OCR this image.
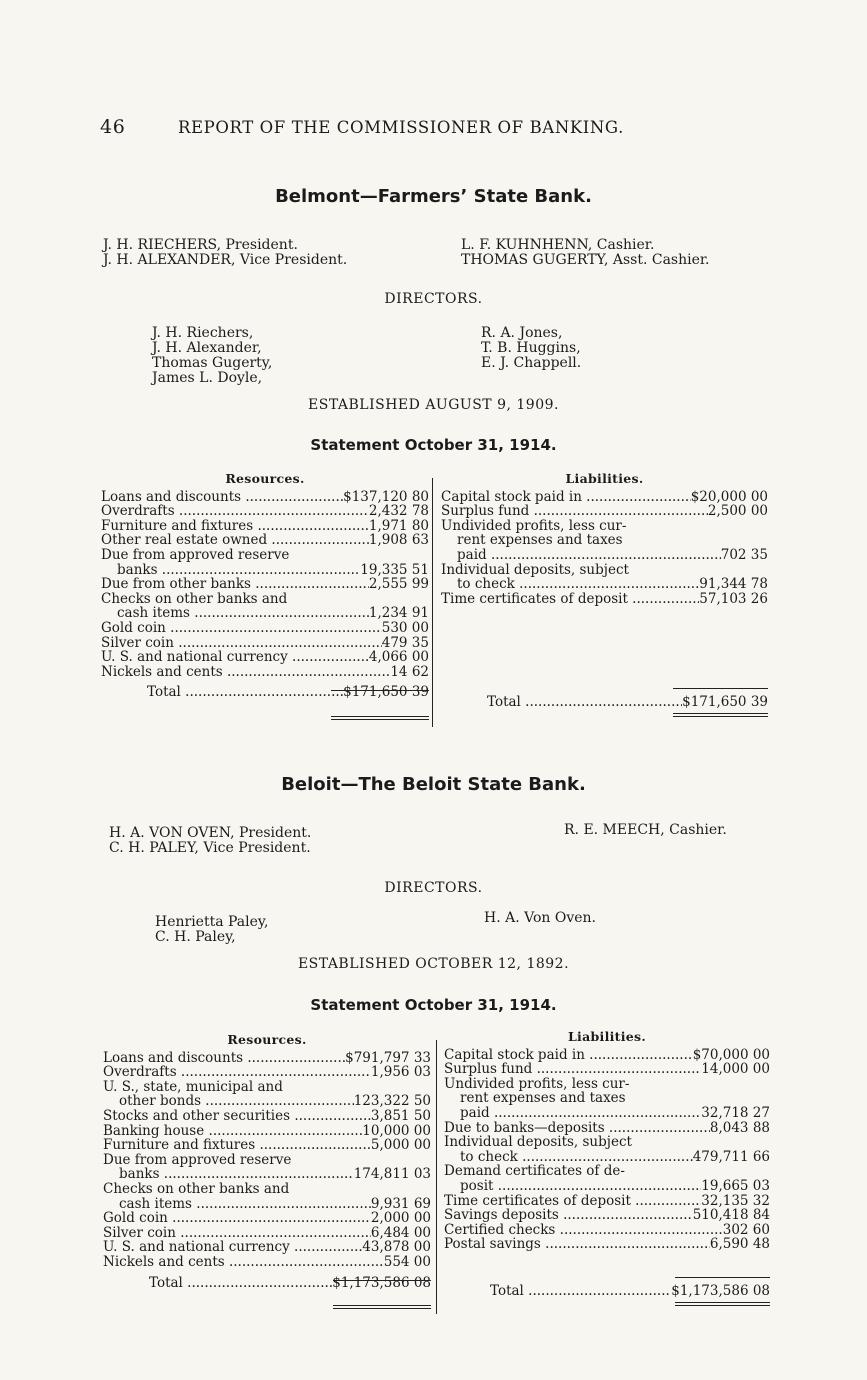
46	REPORT OF THE COMMISSIONER OF BANKING.
Belmont—Farmers’ State Bank.
J. H. RIECHERS, President.
J. H. ALEXANDER, Vice President.
L. F. KUHNHENN, Cashier.
THOMAS GUGERTY, Asst. Cashier.
DIRECTORS.
J. H. Riechers,
J. H. Alexander,
Thomas Gugerty,
James L. Doyle,
R. A. Jones,
T. B. Huggins,
E. J. Chappell.
ESTABLISHED AUGUST 9, 1909.
Statement October 31, 1914.
Resources.
Loans and discounts .....	$137,120 80
Overdrafts .....	2,432 78
Furniture and fixtures .....	1,971 80
Other real estate owned .....	1,908 63
Due from approved reserve
banks .....	19,335 51
Due from other banks .....	2,555 99
Checks on other banks and
cash items .....	1,234 91
Gold coin .....	530 00
Silver coin .....	479 35
U. S. and national currency .....	4,066 00
Nickels and cents .....	14 62
Total .....	$171,650 39
Liabilities.
Capital stock paid in .....	$20,000 00
Surplus fund .....	2,500 00
Undivided profits, less cur-
rent expenses and taxes
paid .....	702 35
Individual deposits, subject
to check .....	91,344 78
Time certificates of deposit .....	57,103 26
Total .....	$171,650 39
Beloit—The Beloit State Bank.
H. A. VON OVEN, President.
C. H. PALEY, Vice President.
R. E. MEECH, Cashier.
DIRECTORS.
Henrietta Paley,
C. H. Paley,
H. A. Von Oven.
ESTABLISHED OCTOBER 12, 1892.
Statement October 31, 1914.
Resources.
Loans and discounts .....	$791,797 33
Overdrafts .....	1,956 03
U. S., state, municipal and
other bonds .....	123,322 50
Stocks and other securities .....	3,851 50
Banking house .....	10,000 00
Furniture and fixtures .....	5,000 00
Due from approved reserve
banks .....	174,811 03
Checks on other banks and
cash items .....	9,931 69
Gold coin .....	2,000 00
Silver coin .....	6,484 00
U. S. and national currency .....	43,878 00
Nickels and cents .....	554 00
Total .....	$1,173,586 08
Liabilities.
Capital stock paid in .....	$70,000 00
Surplus fund .....	14,000 00
Undivided profits, less cur-
rent expenses and taxes
paid .....	32,718 27
Due to banks—deposits .....	8,043 88
Individual deposits, subject
to check .....	479,711 66
Demand certificates of de-
posit .....	19,665 03
Time certificates of deposit .....	32,135 32
Savings deposits .....	510,418 84
Certified checks .....	302 60
Postal savings .....	6,590 48
Total .....	$1,173,586 08
